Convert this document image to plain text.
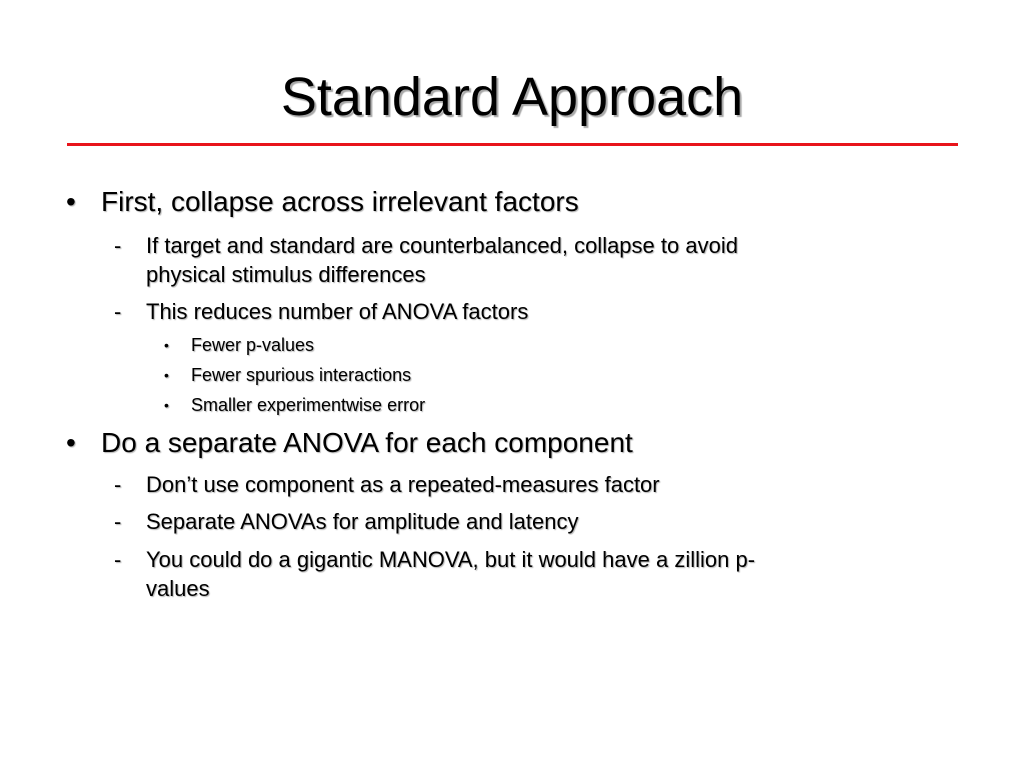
Standard Approach
• First, collapse across irrelevant factors
- If target and standard are counterbalanced, collapse to avoid
physical stimulus differences
- This reduces number of ANOVA factors
• Fewer p-values
• Fewer spurious interactions
• Smaller experimentwise error
• Do a separate ANOVA for each component
- Don’t use component as a repeated-measures factor
- Separate ANOVAs for amplitude and latency
- You could do a gigantic MANOVA, but it would have a zillion p-
values
